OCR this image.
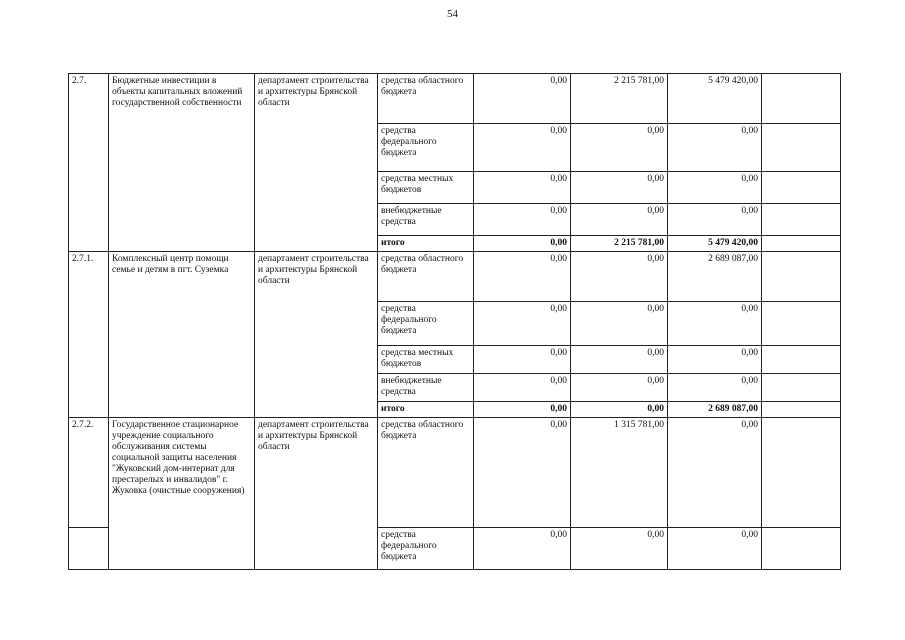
54
2.7.	Бюджетные инвестиции в объекты капитальных вложений государственной собственности	департамент строительства и архитектуры Брянской области	средства областного бюджета	0,00	2 215 781,00	5 479 420,00	
			средства федерального бюджета	0,00	0,00	0,00	
			средства местных бюджетов	0,00	0,00	0,00	
			внебюджетные средства	0,00	0,00	0,00	
			итого	0,00	2 215 781,00	5 479 420,00	
2.7.1.	Комплексный центр помощи семье и детям в пгт. Суземка	департамент строительства и архитектуры Брянской области	средства областного бюджета	0,00	0,00	2 689 087,00	
			средства федерального бюджета	0,00	0,00	0,00	
			средства местных бюджетов	0,00	0,00	0,00	
			внебюджетные средства	0,00	0,00	0,00	
			итого	0,00	0,00	2 689 087,00	
2.7.2.	Государственное стационарное учреждение социального обслуживания системы социальной защиты населения "Жуковский дом-интернат для престарелых и инвалидов" г. Жуковка (очистные сооружения)	департамент строительства и архитектуры Брянской области	средства областного бюджета	0,00	1 315 781,00	0,00	
			средства федерального бюджета	0,00	0,00	0,00	
